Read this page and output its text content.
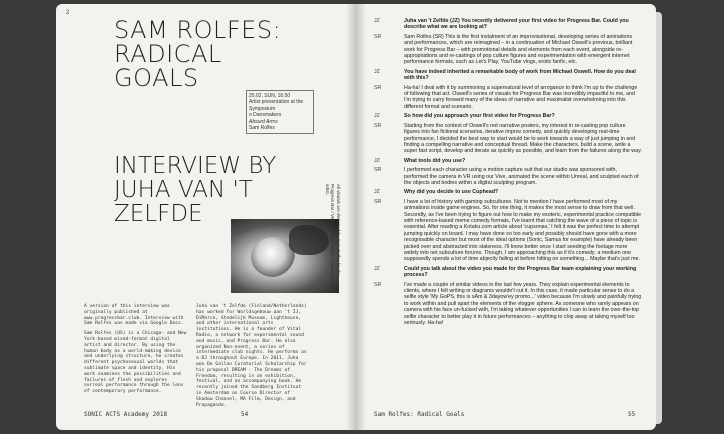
2
SAM ROLFES:
RADICAL
GOALS
25.02, SUN, 16:50
Artist presentation at the Symposium
o Dansmakers
Absurd Arms
Sam Rolfes
INTERVIEW BY
JUHA VAN 'T
ZELFDE	All visuals are designed by Sam Rolfes for the Progress Bar / Vektor session, 2018. Courtesy of the artist.

A version of this interview was originally published at www.progressbar.club. Interview with Sam Rolfes was made via Google Docs.

Sam Rolfes (US) is a Chicago- and New York-based mixed-format digital artist and director. By using the human body as a world-making device and underlying structure, he creates different psychosexual worlds that sublimate space and identity. His work examines the possibilities and failures of flesh and explores surreal performance through the lens of contemporary performance.

Juha van 't Zelfde (Finland/Netherlands) has worked for Worldsgebouw aan 't IJ, DiMarce, Stedelijk Museum, Lighthouse, and other international arts institutions. He is a founder of Vital Radio, a network for experimental sound and music, and Progress Bar. He also organized Non-event, a series of intermediate club nights. He performs as a DJ throughout Europe. In 2011, Juha won De Gallan Curatorial Scholarship for his proposal DREAM - The Dreams of Freedom, resulting in an exhibition, festival, and an accompanying book. He recently joined the Sandberg Instituut in Amsterdam as Course Director of Shadow Channel, MA Film, Design, and Propaganda.

SONIC ACTS Academy 2018	54
JZ	Juha van 't Zelfde (JZ) You recently delivered your first video for Progress Bar. Could you describe what we are looking at?
SR	Sam Rolfes (SR) This is the first instalment of an improvisational, developing series of animations and performances, which are reimagined – in a continuation of Michael Oswell's previous, brilliant work for Progress Bar – with promotional details and elements from each event, alongside re-appropriations and re-castings of pop culture figures and experimentation with emergent internet performance formats, such as Let's Play, YouTube vlogs, erotic fanfic, etc.
JZ	You have indeed inherited a remarkable body of work from Michael Oswell. How do you deal with this?
SR	Ha-ha! I deal with it by summoning a supernatural level of arrogance to think I'm up to the challenge of following that act. Oswell's series of visuals for Progress Bar was incredibly impactful to me, and I'm trying to carry forward many of the ideas of narrative and maximalist overwhelming into this different format and scenario.
JZ	So how did you approach your first video for Progress Bar?
SR	Starting from the context of Oswell's red narrative posters, my interest in re-casting pop culture figures into fan fictional scenarios, iterative improv comedy, and quickly developing real-time performance, I decided the best way to start would be to work towards a way of just jumping in and finding a compelling narrative and conceptual thread. Make the characters, build a scene, write a super fast script, develop and iterate as quickly as possible, and learn from the failures along the way.
JZ	What tools did you use?
SR	I performed each character using a motion capture suit that our studio was sponsored with, performed the camera in VR using our Vive, animated the scene within Unreal, and sculpted each of the objects and bodies within a digital sculpting program.
JZ	Why did you decide to use Cuphead?
SR	I have a lot of history with gaming subcultures. Not to mention I have performed most of my animations inside game engines. So, for one thing, it makes the most sense to draw from that well. Secondly, as I've been trying to figure out how to make my esoteric, experimental practice compatible with reference-based meme comedy formats, I've learnt that catching the wave of a piece of topic is essential. After reading a Kotaku.com article about 'cupsonas,' I felt it was the perfect time to attempt jumping quickly on board. I may have done so too early and possibly should have gone with a more recognisable character but most of the ideal options (Sonic, Samus for example) have already been picked over and abstracted into staleness. I'll know better once I start seeding the footage more widely into net subculture forums. Though, I am approaching this as if it's comedy: a medium one supposedly spends a lot of time abjectly failing at before hitting on something... Maybe that's just me.
JZ	Could you talk about the video you made for the Progress Bar team explaining your working process?
SR	I've made a couple of similar videos in the last few years. They explain experimental elements to clients, where I felt writing or diagrams wouldn't cut it. In this case, it made particular sense to do a selfie style 'My GoPS, this is sAm & 3dayow'ey promo...' video because I'm slowly and painfully trying to work within and pull apart the elements of the vlogger sphere. As someone who rarely appears on camera with his face un-fucked with, I'm taking whatever opportunities I can to learn the over-the-top selfie character to better play it in future performances – anything to chip away at taking myself too seriously. Ha-ha!
Sam Rolfes: Radical Goals	55
